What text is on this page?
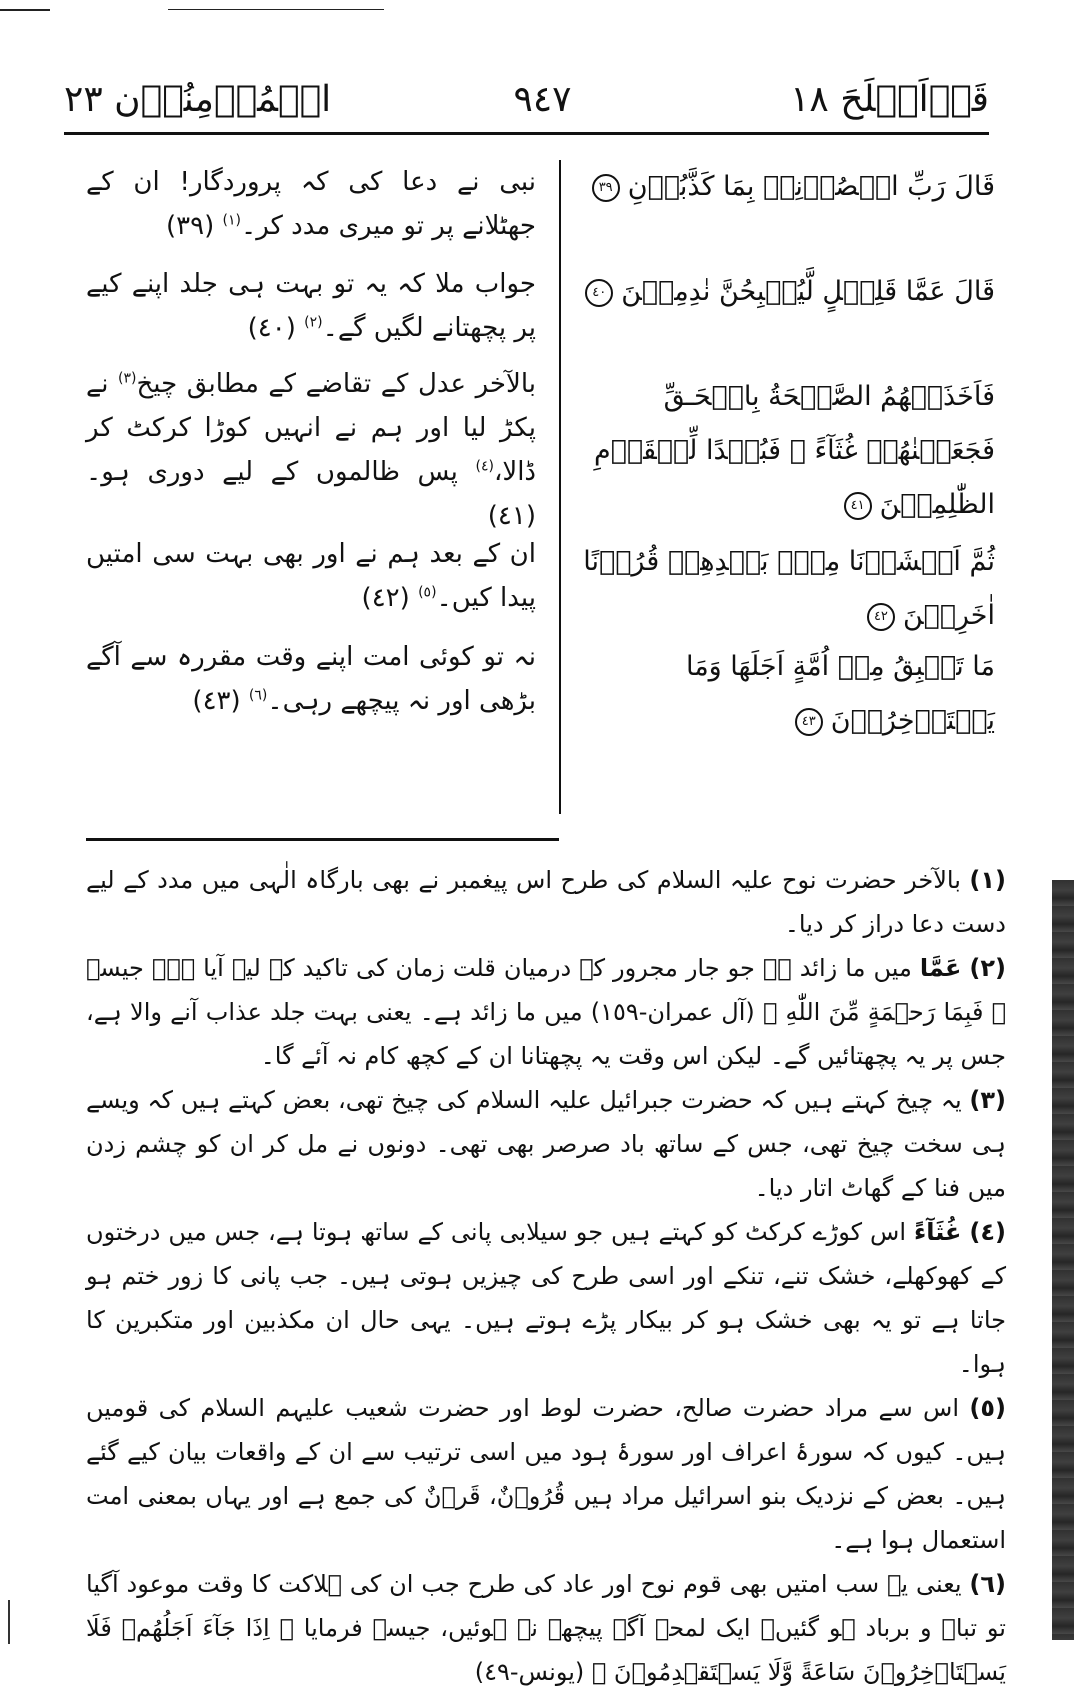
قَدۡاَفۡلَحَ ١٨
٩٤٧
الۡمُؤۡمِنُوۡن ٢٣
قَالَ رَبِّ انۡصُرۡنِىۡ بِمَا كَذَّبُوۡنِ٣٩
نبی نے دعا کی کہ پروردگار! ان کے جھٹلانے پر تو میری مدد کر۔$^{(١)}$ (٣٩)
قَالَ عَمَّا قَلِيۡلٍ لَّيُصۡبِحُنَّ نٰدِمِيۡنَ٤٠
جواب ملا کہ یہ تو بہت ہی جلد اپنے کیے پر پچھتانے لگیں گے۔$^{(٢)}$ (٤٠)
فَاَخَذَتۡهُمُ الصَّيۡحَةُ بِالۡحَـقِّ فَجَعَلۡنٰهُمۡ غُثَآءً‌ ۚ فَبُعۡدًا لِّلۡقَوۡمِ الظّٰلِمِيۡنَ٤١
بالآخر عدل کے تقاضے کے مطابق چیخ$^{(٣)}$ نے پکڑ لیا اور ہم نے انہیں کوڑا کرکٹ کر ڈالا،$^{(٤)}$ پس ظالموں کے لیے دوری ہو۔ (٤١)
ثُمَّ اَنۡشَاۡنَا مِنۡۢ بَعۡدِهِمۡ قُرُوۡنًا اٰخَرِيۡنَ٤٢
ان کے بعد ہم نے اور بھی بہت سی امتیں پیدا کیں۔$^{(٥)}$ (٤٢)
مَا تَسۡبِقُ مِنۡ اُمَّةٍ اَجَلَهَا وَمَا يَسۡتَاۡخِرُوۡنَ٤٣
نہ تو کوئی امت اپنے وقت مقررہ سے آگے بڑھی اور نہ پیچھے رہی۔$^{(٦)}$ (٤٣)

(١) بالآخر حضرت نوح علیہ السلام کی طرح اس پیغمبر نے بھی بارگاہ الٰہی میں مدد کے لیے دست دعا دراز کر دیا۔

(٢) عَمَّا میں ما زائد ہے جو جار مجرور کے درمیان قلت زمان کی تاکید کے لیے آیا ہے۔ جیسے ﴿ فَبِمَا رَحۡمَةٍ مِّنَ اللّٰهِ ﴾ (آل عمران-١٥٩) میں ما زائد ہے۔ یعنی بہت جلد عذاب آنے والا ہے، جس پر یہ پچھتائیں گے۔ لیکن اس وقت یہ پچھتانا ان کے کچھ کام نہ آئے گا۔

(٣) یہ چیخ کہتے ہیں کہ حضرت جبرائیل علیہ السلام کی چیخ تھی، بعض کہتے ہیں کہ ویسے ہی سخت چیخ تھی، جس کے ساتھ باد صرصر بھی تھی۔ دونوں نے مل کر ان کو چشم زدن میں فنا کے گھاٹ اتار دیا۔

(٤) غُثَآءً اس کوڑے کرکٹ کو کہتے ہیں جو سیلابی پانی کے ساتھ ہوتا ہے، جس میں درختوں کے کھوکھلے، خشک تنے، تنکے اور اسی طرح کی چیزیں ہوتی ہیں۔ جب پانی کا زور ختم ہو جاتا ہے تو یہ بھی خشک ہو کر بیکار پڑے ہوتے ہیں۔ یہی حال ان مکذبین اور متکبرین کا ہوا۔

(٥) اس سے مراد حضرت صالح، حضرت لوط اور حضرت شعیب علیہم السلام کی قومیں ہیں۔ کیوں کہ سورۂ اعراف اور سورۂ ہود میں اسی ترتیب سے ان کے واقعات بیان کیے گئے ہیں۔ بعض کے نزدیک بنو اسرائیل مراد ہیں قُرُوۡنٌ، قَرۡنٌ کی جمع ہے اور یہاں بمعنی امت استعمال ہوا ہے۔

(٦) یعنی یہ سب امتیں بھی قوم نوح اور عاد کی طرح جب ان کی ہلاکت کا وقت موعود آگیا تو تباہ و برباد ہو گئیں۔ ایک لمحہ آگے پیچھے نہ ہوئیں، جیسے فرمایا ﴿ اِذَا جَآءَ اَجَلُهُمۡ فَلَا يَسۡتَاۡخِرُوۡنَ سَاعَةً وَّلَا يَسۡتَقۡدِمُوۡنَ ﴾ (یونس-٤٩)
